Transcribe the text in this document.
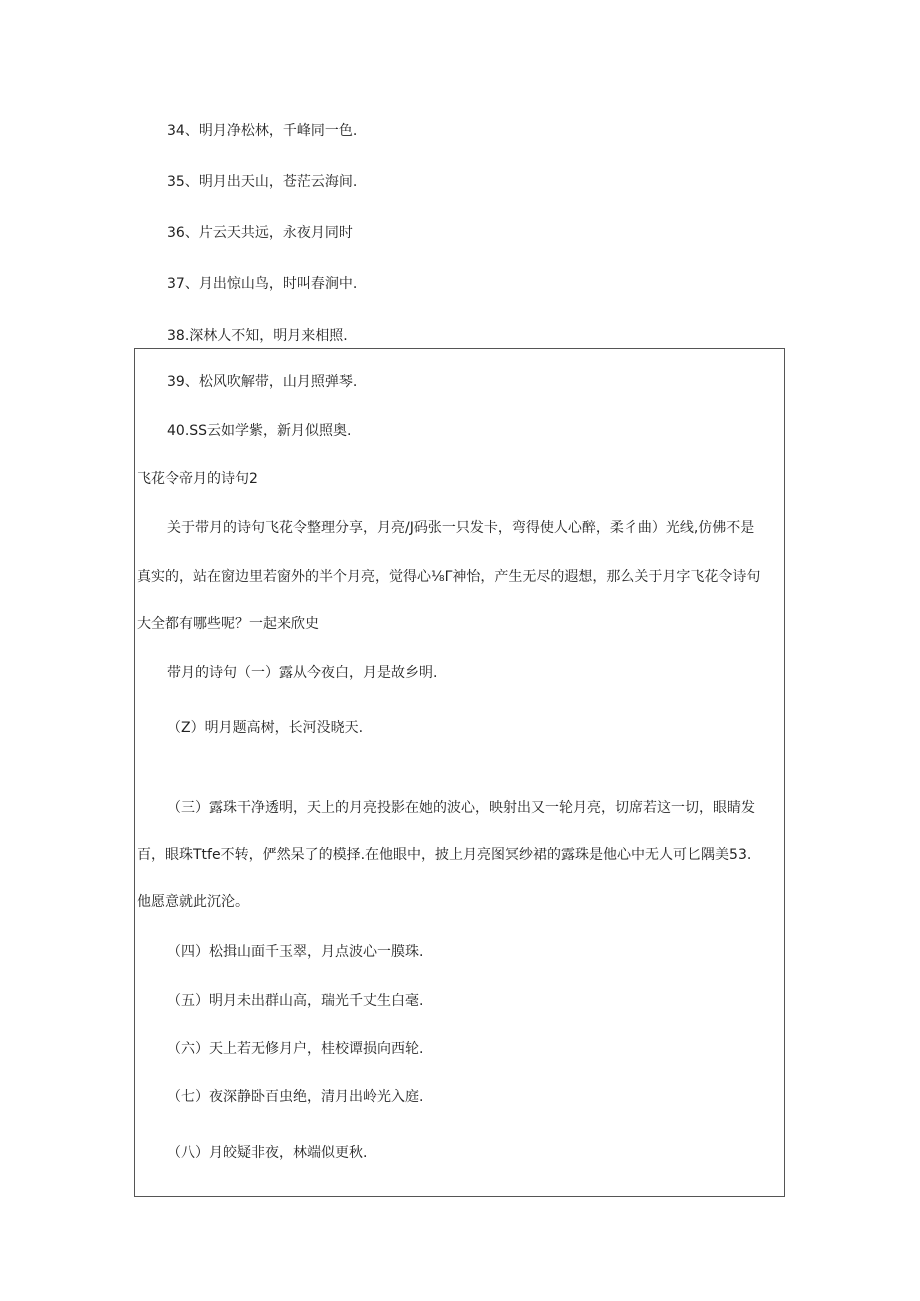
34、明月净松林，千峰同一色.
35、明月出天山，苍茫云海间.
36、片云天共远，永夜月同时
37、月出惊山鸟，时叫春涧中.
38.深林人不知，明月来相照.
39、松风吹解带，山月照弹琴.
40.SS云如学紫，新月似照奥.
飞花令帝月的诗句2
关于带月的诗句飞花令整理分享，月亮/J码张一只发卡，弯得使人心醉，柔彳曲）光线,仿佛不是
真实的，站在窗边里若窗外的半个月亮，觉得心⅛Γ神怡，产生无尽的遐想，那么关于月字飞花令诗句
大全都有哪些呢？一起来欣史
带月的诗句（一）露从今夜白，月是故乡明.
（Z）明月题高树，长河没晓天.
（三）露珠干净透明，天上的月亮投影在她的波心，映射出又一轮月亮，切席若这一切，眼睛发
百，眼珠Ttfe不转，俨然呆了的模择.在他眼中，披上月亮图冥纱裙的露珠是他心中无人可匕隅美53.
他愿意就此沉沦。
（四）松揖山面千玉翠，月点波心一膜珠.
（五）明月未出群山高，瑞光千丈生白毫.
（六）天上若无修月户，桂校谭损向西轮.
（七）夜深静卧百虫绝，清月出岭光入庭.
（八）月皎疑非夜，林端似更秋.
